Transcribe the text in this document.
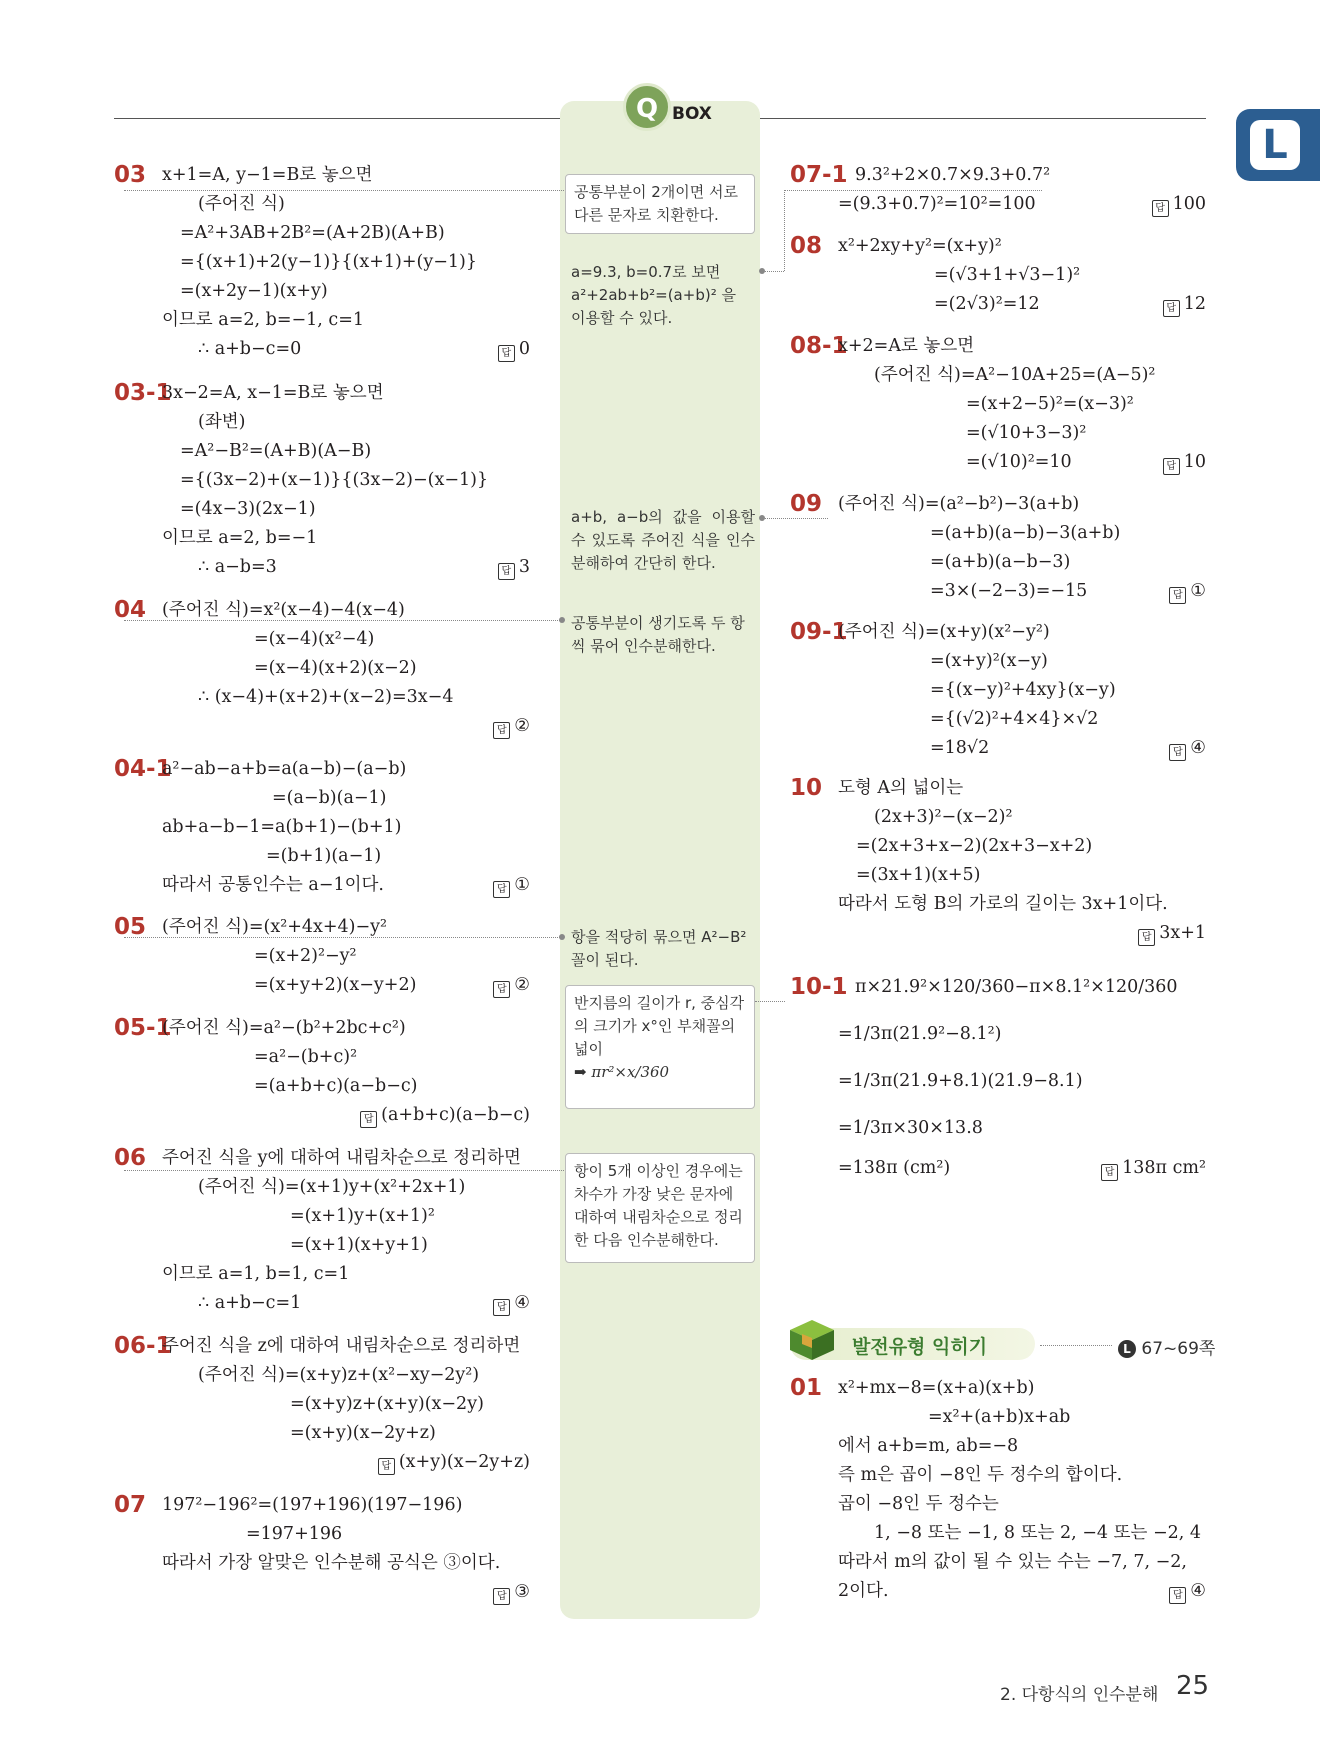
Q BOX
L
03 x+1=A, y−1=B로 놓으면
(주어진 식)
=A²+3AB+2B²=(A+2B)(A+B)
={(x+1)+2(y−1)}{(x+1)+(y−1)}
=(x+2y−1)(x+y)
이므로 a=2, b=−1, c=1
∴ a+b−c=0	답 0
03-1
3x−2=A, x−1=B로 놓으면
(좌변)
=A²−B²=(A+B)(A−B)
={(3x−2)+(x−1)}{(3x−2)−(x−1)}
=(4x−3)(2x−1)
이므로 a=2, b=−1
∴ a−b=3	답 3
04 (주어진 식)=x²(x−4)−4(x−4)
=(x−4)(x²−4)
=(x−4)(x+2)(x−2)
∴ (x−4)+(x+2)+(x−2)=3x−4
답 ②
04-1
a²−ab−a+b=a(a−b)−(a−b)
=(a−b)(a−1)
ab+a−b−1=a(b+1)−(b+1)
=(b+1)(a−1)
따라서 공통인수는 a−1이다.	답 ①
05 (주어진 식)=(x²+4x+4)−y²
=(x+2)²−y²
=(x+y+2)(x−y+2)	답 ②
05-1
(주어진 식)=a²−(b²+2bc+c²)
=a²−(b+c)²
=(a+b+c)(a−b−c)
답 (a+b+c)(a−b−c)
06 주어진 식을 y에 대하여 내림차순으로 정리하면
(주어진 식)=(x+1)y+(x²+2x+1)
=(x+1)y+(x+1)²
=(x+1)(x+y+1)
이므로 a=1, b=1, c=1
∴ a+b−c=1	답 ④
06-1
주어진 식을 z에 대하여 내림차순으로 정리하면
(주어진 식)=(x+y)z+(x²−xy−2y²)
=(x+y)z+(x+y)(x−2y)
=(x+y)(x−2y+z)
답 (x+y)(x−2y+z)
07 197²−196²=(197+196)(197−196)
=197+196
따라서 가장 알맞은 인수분해 공식은 ③이다.
답 ③
공통부분이 2개이면 서로 다른 문자로 치환한다.
a=9.3, b=0.7로 보면 a²+2ab+b²=(a+b)² 을 이용할 수 있다.
a+b, a−b의 값을 이용할 수 있도록 주어진 식을 인수분해하여 간단히 한다.
공통부분이 생기도록 두 항씩 묶어 인수분해한다.
항을 적당히 묶으면 A²−B² 꼴이 된다.
반지름의 길이가 r, 중심각의 크기가 x°인 부채꼴의 넓이
➡ πr²×x/360
항이 5개 이상인 경우에는 차수가 가장 낮은 문자에 대하여 내림차순으로 정리한 다음 인수분해한다.
07-1 9.3²+2×0.7×9.3+0.7²
=(9.3+0.7)²=10²=100	답 100
08 x²+2xy+y²=(x+y)²
=(√3+1+√3−1)²
=(2√3)²=12	답 12
08-1
x+2=A로 놓으면
(주어진 식)=A²−10A+25=(A−5)²
=(x+2−5)²=(x−3)²
=(√10+3−3)²
=(√10)²=10	답 10
09 (주어진 식)=(a²−b²)−3(a+b)
=(a+b)(a−b)−3(a+b)
=(a+b)(a−b−3)
=3×(−2−3)=−15	답 ①
09-1
(주어진 식)=(x+y)(x²−y²)
=(x+y)²(x−y)
={(x−y)²+4xy}(x−y)
={(√2)²+4×4}×√2
=18√2	답 ④
10 도형 A의 넓이는
(2x+3)²−(x−2)²
=(2x+3+x−2)(2x+3−x+2)
=(3x+1)(x+5)
따라서 도형 B의 가로의 길이는 3x+1이다.
답 3x+1
10-1 π×21.9²×120/360−π×8.1²×120/360
=1/3π(21.9²−8.1²)
=1/3π(21.9+8.1)(21.9−8.1)
=1/3π×30×13.8
=138π (cm²)	답 138π cm²
발전유형 익히기	L 67~69쪽
01 x²+mx−8=(x+a)(x+b)
=x²+(a+b)x+ab
에서 a+b=m, ab=−8
즉 m은 곱이 −8인 두 정수의 합이다.
곱이 −8인 두 정수는
1, −8 또는 −1, 8 또는 2, −4 또는 −2, 4
따라서 m의 값이 될 수 있는 수는 −7, 7, −2,
2이다.	답 ④
2. 다항식의 인수분해 25
